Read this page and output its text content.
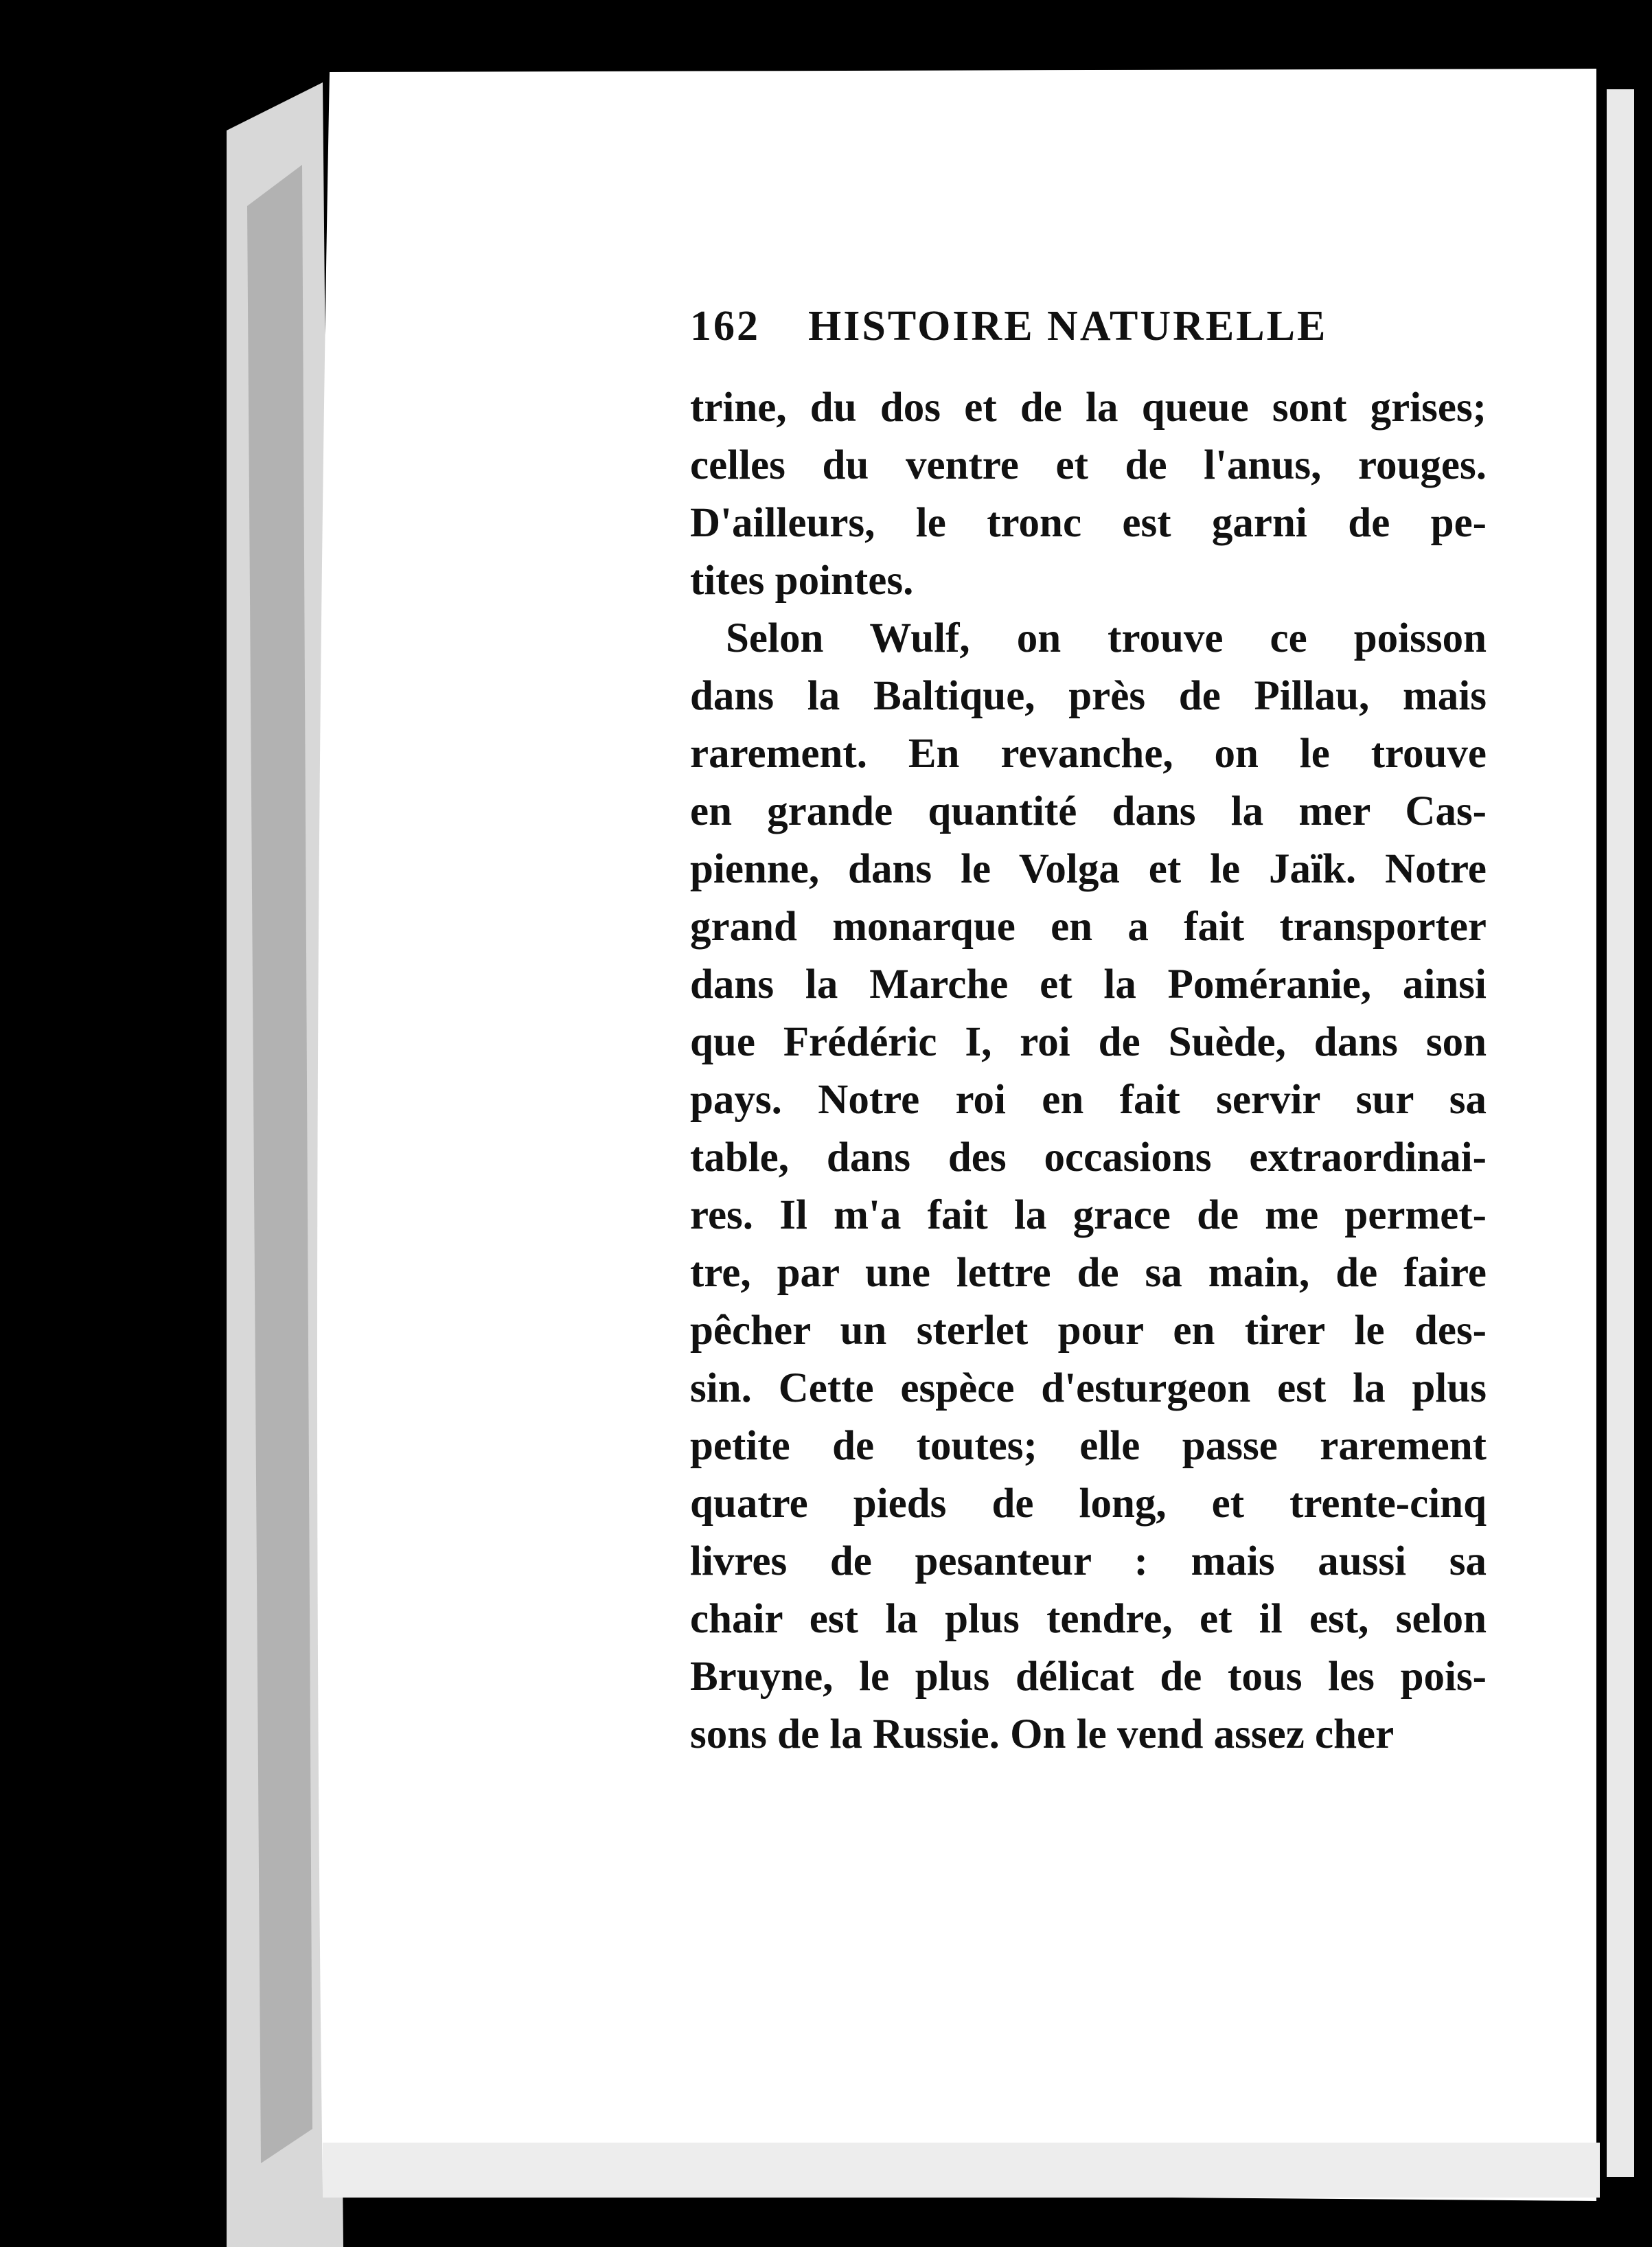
162 HISTOIRE NATURELLE
trine, du dos et de la queue sont grises;
celles du ventre et de l'anus, rouges.
D'ailleurs, le tronc est garni de pe-
tites pointes.
Selon Wulf, on trouve ce poisson
dans la Baltique, près de Pillau, mais
rarement. En revanche, on le trouve
en grande quantité dans la mer Cas-
pienne, dans le Volga et le Jaïk. Notre
grand monarque en a fait transporter
dans la Marche et la Poméranie, ainsi
que Frédéric I, roi de Suède, dans son
pays. Notre roi en fait servir sur sa
table, dans des occasions extraordinai-
res. Il m'a fait la grace de me permet-
tre, par une lettre de sa main, de faire
pêcher un sterlet pour en tirer le des-
sin. Cette espèce d'esturgeon est la plus
petite de toutes; elle passe rarement
quatre pieds de long, et trente-cinq
livres de pesanteur : mais aussi sa
chair est la plus tendre, et il est, selon
Bruyne, le plus délicat de tous les pois-
sons de la Russie. On le vend assez cher
